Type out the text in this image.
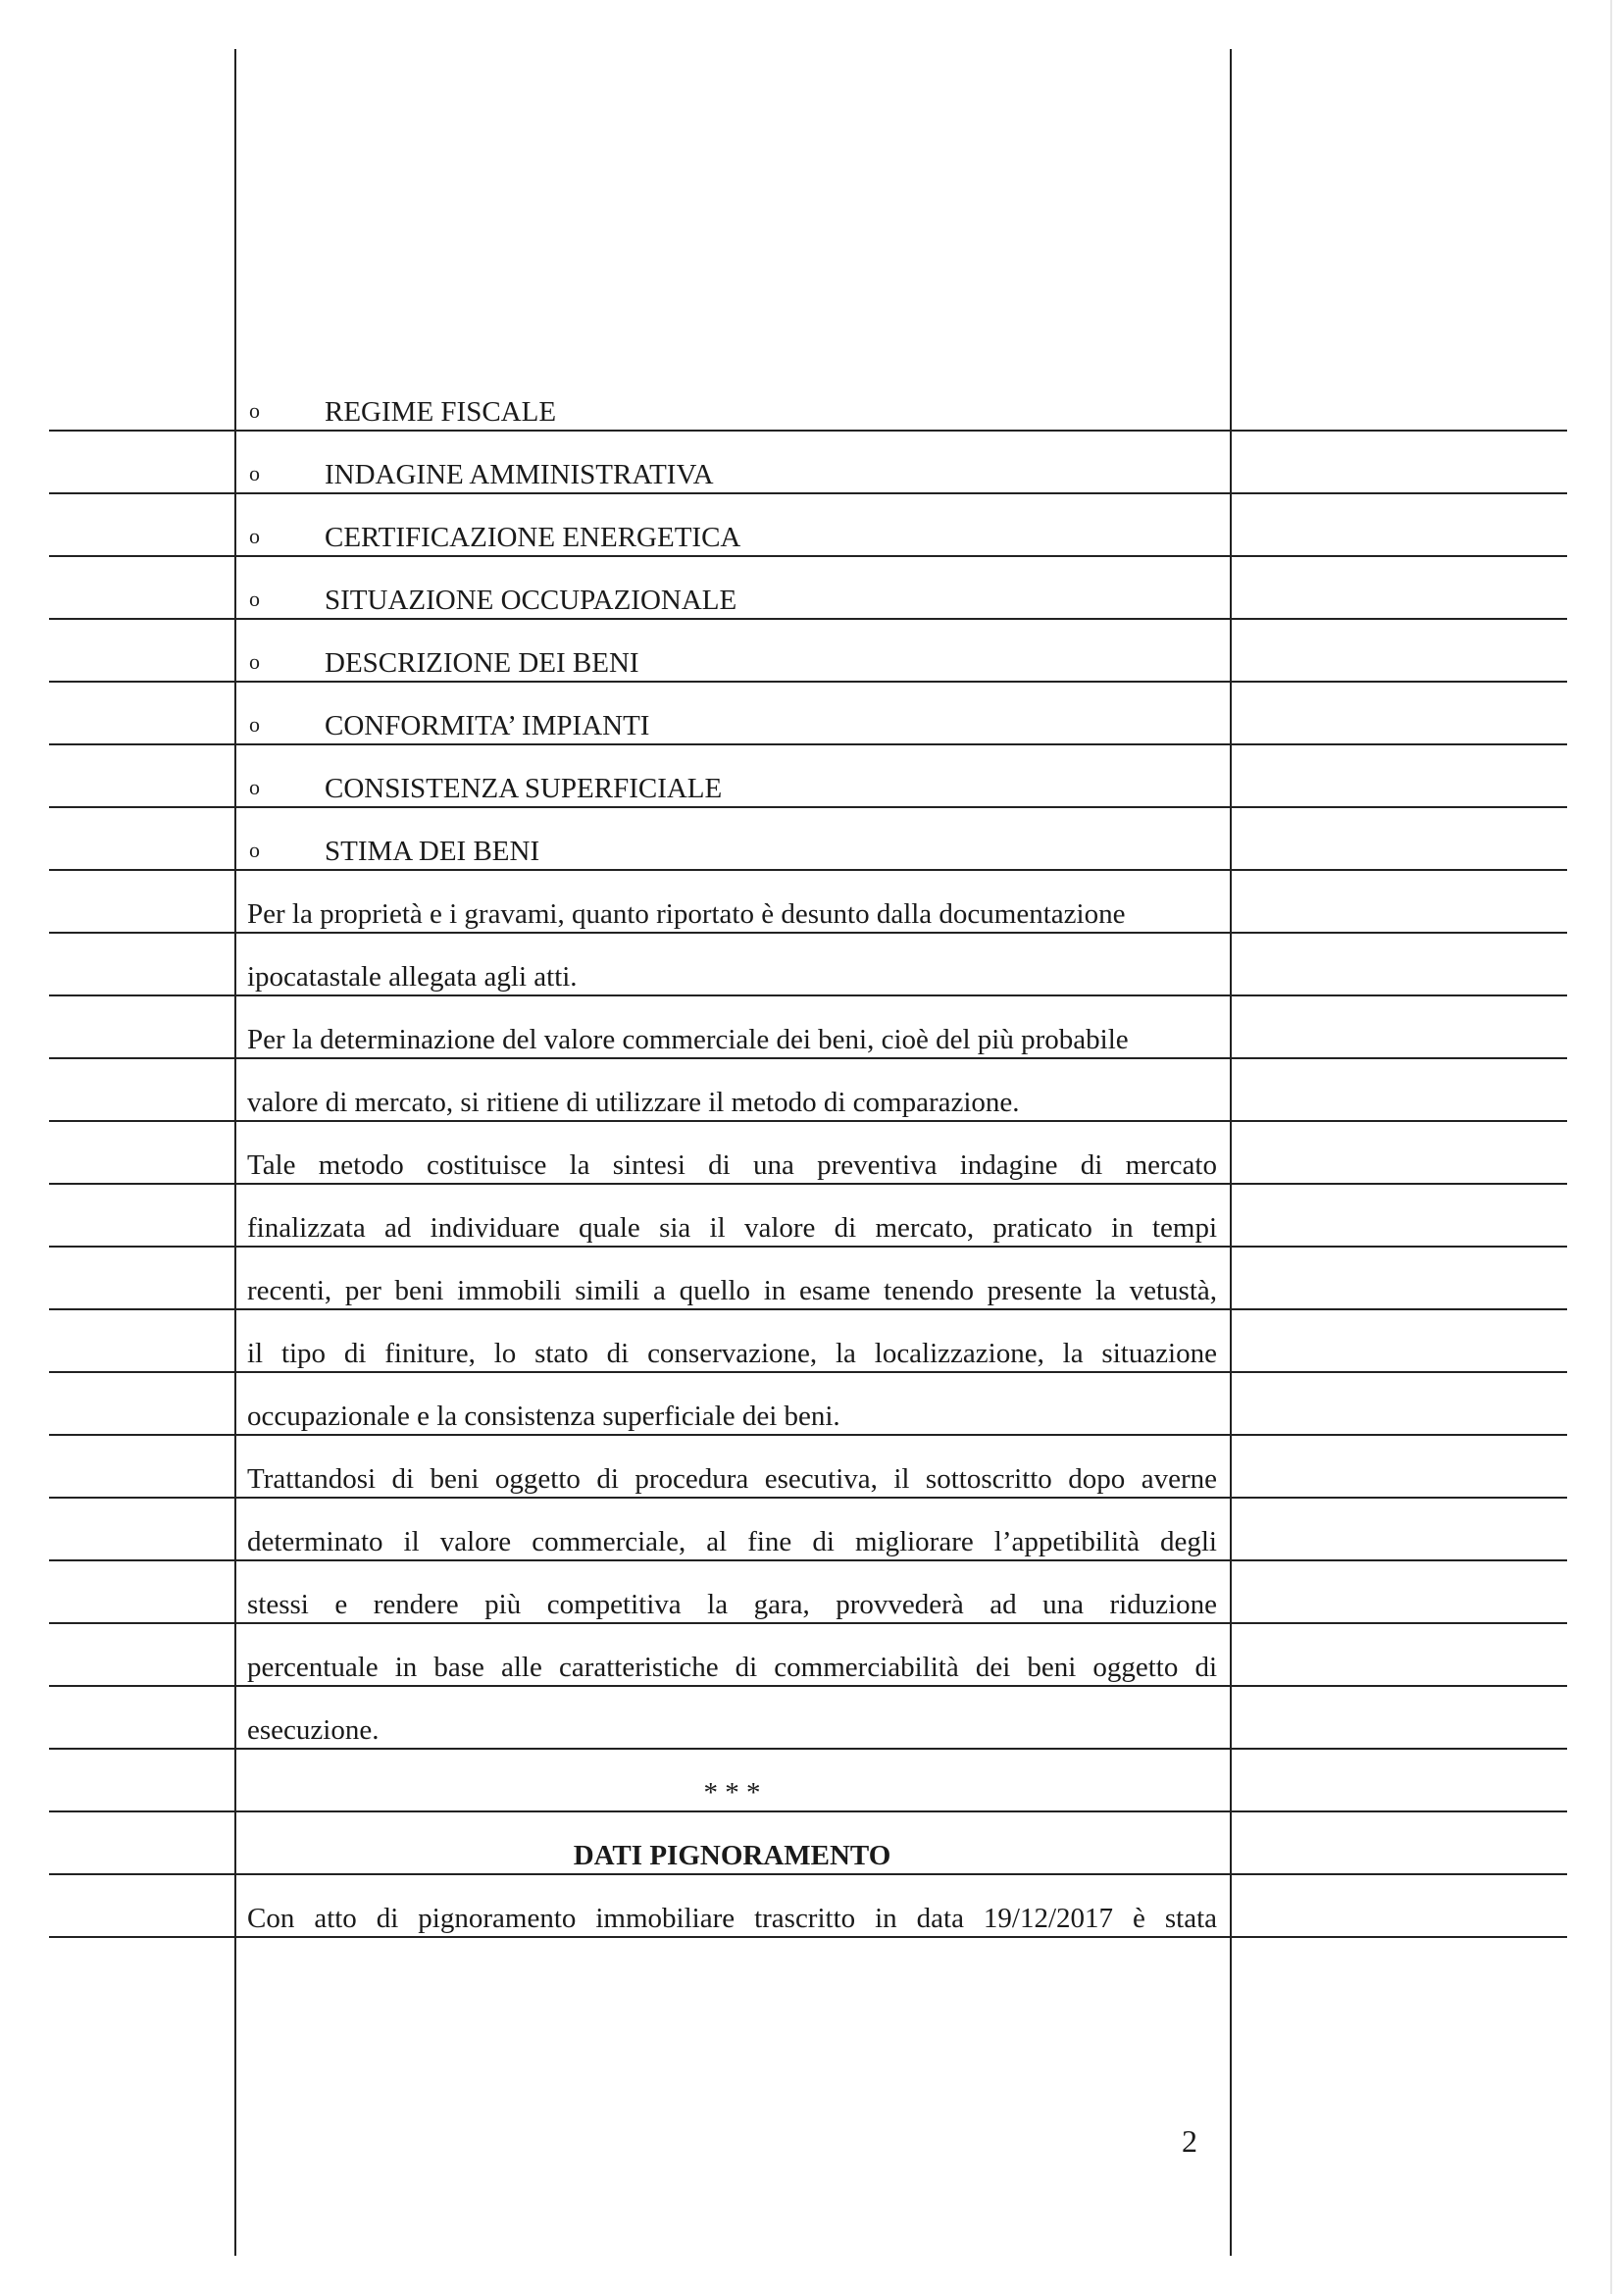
o REGIME FISCALE
o INDAGINE AMMINISTRATIVA
o CERTIFICAZIONE ENERGETICA
o SITUAZIONE OCCUPAZIONALE
o DESCRIZIONE DEI BENI
o CONFORMITA’ IMPIANTI
o CONSISTENZA SUPERFICIALE
o STIMA DEI BENI
Per la proprietà e i gravami, quanto riportato è desunto dalla documentazione
ipocatastale allegata agli atti.
Per la determinazione del valore commerciale dei beni, cioè del più probabile
valore di mercato, si ritiene di utilizzare il metodo di comparazione.
Tale metodo costituisce la sintesi di una preventiva indagine di mercato
finalizzata ad individuare quale sia il valore di mercato, praticato in tempi
recenti, per beni immobili simili a quello in esame tenendo presente la vetustà,
il tipo di finiture, lo stato di conservazione, la localizzazione, la situazione
occupazionale e la consistenza superficiale dei beni.
Trattandosi di beni oggetto di procedura esecutiva, il sottoscritto dopo averne
determinato il valore commerciale, al fine di migliorare l’appetibilità degli
stessi e rendere più competitiva la gara, provvederà ad una riduzione
percentuale in base alle caratteristiche di commerciabilità dei beni oggetto di
esecuzione.
* * *
DATI PIGNORAMENTO
Con atto di pignoramento immobiliare trascritto in data 19/12/2017 è stata
2
